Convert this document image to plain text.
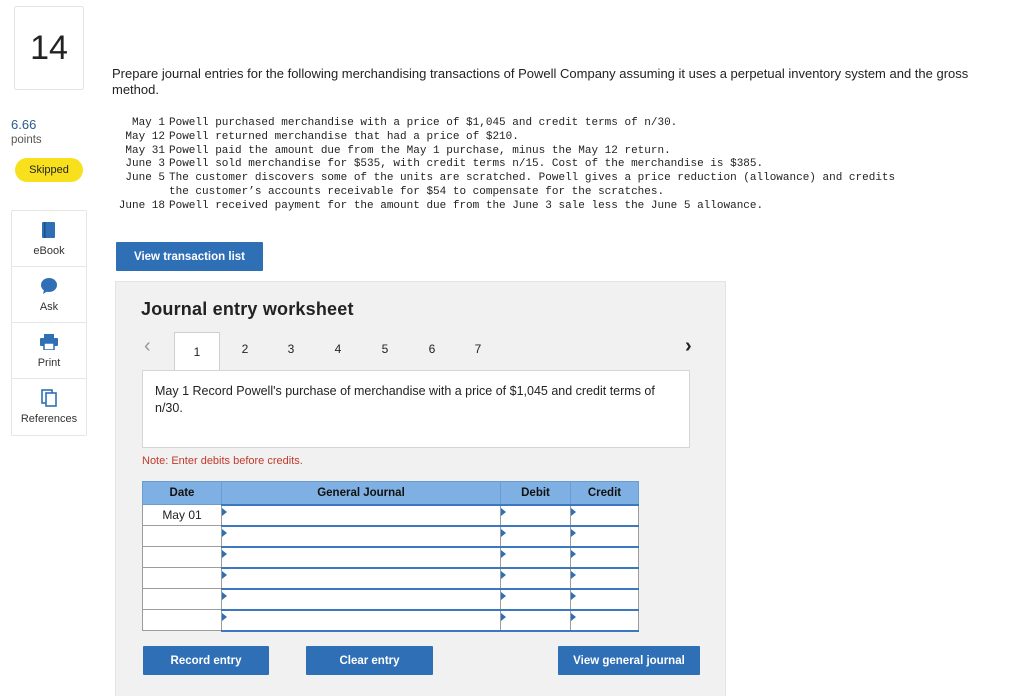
14
6.66
points
Skipped
eBook
Ask
Print
References
Prepare journal entries for the following merchandising transactions of Powell Company assuming it uses a perpetual inventory system and the gross method.
May 1 Powell purchased merchandise with a price of $1,045 and credit terms of n/30.
May 12 Powell returned merchandise that had a price of $210.
May 31 Powell paid the amount due from the May 1 purchase, minus the May 12 return.
June 3 Powell sold merchandise for $535, with credit terms n/15. Cost of the merchandise is $385.
June 5 The customer discovers some of the units are scratched. Powell gives a price reduction (allowance) and credits
the customer’s accounts receivable for $54 to compensate for the scratches.
June 18 Powell received payment for the amount due from the June 3 sale less the June 5 allowance.
View transaction list
Journal entry worksheet
‹	1	2	3	4	5	6	7	›
May 1 Record Powell's purchase of merchandise with a price of $1,045 and credit terms of n/30.
Note: Enter debits before credits.
Date	General Journal	Debit	Credit
May 01	

Record entry	Clear entry	View general journal
